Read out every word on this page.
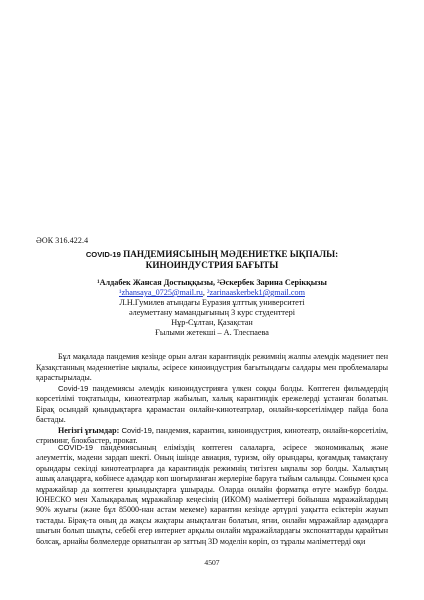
ӘОК 316.422.4
COVID-19 ПАНДЕМИЯСЫНЫҢ МӘДЕНИЕТКЕ ЫҚПАЛЫ:
КИНОИНДУСТРИЯ БАҒЫТЫ
¹Алдабек Жансая Достыққызы, ²Әскербек Зарина Серікқызы
¹zhansaya_0725@mail.ru, ²zarinaaskerbek1@gmail.com
Л.Н.Гумилев атындағы Еуразия ұлттық университеті
әлеуметтану мамандығының 3 курс студенттері
Нұр-Сұлтан, Қазақстан
Ғылыми жетекші – А. Тлеспаева

Бұл мақалада пандемия кезінде орын алған карантиндік режимнің жалпы әлемдік мәдениет пен Қазақстанның мәдениетіне ықпалы, әсіресе киноиндустрия бағытындағы салдары мен проблемалары қарастырылады.

Covid-19 пандемиясы әлемдік киноиндустрияға үлкен соққы болды. Көптеген фильмдердің көрсетілімі тоқтатылды, кинотеатрлар жабылып, халық карантиндік ережелерді ұстанған болатын. Бірақ осындай қиындықтарға қарамастан онлайн-кинотеатрлар, онлайн-көрсетілімдер пайда бола бастады.

Негізгі ұғымдар: Covid-19, пандемия, карантин, киноиндустрия, кинотеатр, онлайн-көрсетілім, стриминг, блокбастер, прокат.

COVID-19 пандемиясының еліміздің көптеген салаларға, әсіресе экономикалық және әлеуметтік, мәдени зардап шекті. Оның ішінде авиация, туризм, ойу орындары, қоғамдық тамақтану орындары секілді кинотеатрларға да карантиндік режимнің тигізген ықпалы зор болды. Халықтың ашық алаңдарға, көбінесе адамдар көп шоғырланған жерлеріне баруға тыйым салынды. Сонымен қоса мұражайлар да көптеген қиындықтарға ұшырады. Оларда онлайн форматқа өтуге мәжбүр болды. ЮНЕСКО мен Халықаралық мұражайлар кеңесінің (ИКОМ) мәліметтері бойынша мұражайлардың 90% жуығы (және бұл 85000-нан астам мекеме) карантин кезінде әртүрлі уақытта есіктерін жауып тастады. Бірақ-та оның да жақсы жақтары анықталған болатын, яғни, онлайн мұражайлар адамдарға шығын болып шықты, себебі егер интернет арқылы онлайн мұражайлардағы экспонаттарды қарайтын болсақ, арнайы бөлмелерде орнатылған әр заттың 3D моделін көріп, оз тұралы мәліметтерді оқи

4507
